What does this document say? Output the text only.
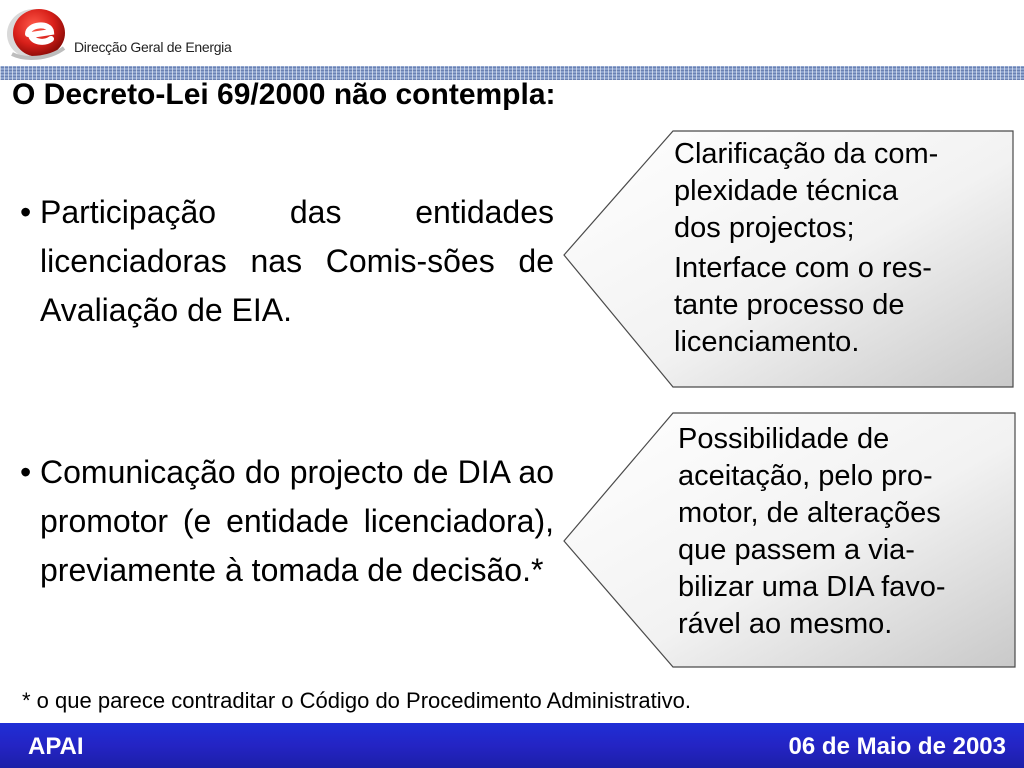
Direcção Geral de Energia
O Decreto-Lei 69/2000 não contempla:
• Participação das entidades licenciadoras nas Comis-sões de Avaliação de EIA.
• Comunicação do projecto de DIA ao promotor (e entidade licenciadora), previamente à tomada de decisão.*
Clarificação da com-
plexidade técnica
dos projectos;
Interface com o res-
tante processo de
licenciamento.
Possibilidade de
aceitação, pelo pro-
motor, de alterações
que passem a via-
bilizar uma DIA favo-
rável ao mesmo.
* o que parece contraditar o Código do Procedimento Administrativo.
APAI	06 de Maio de 2003
